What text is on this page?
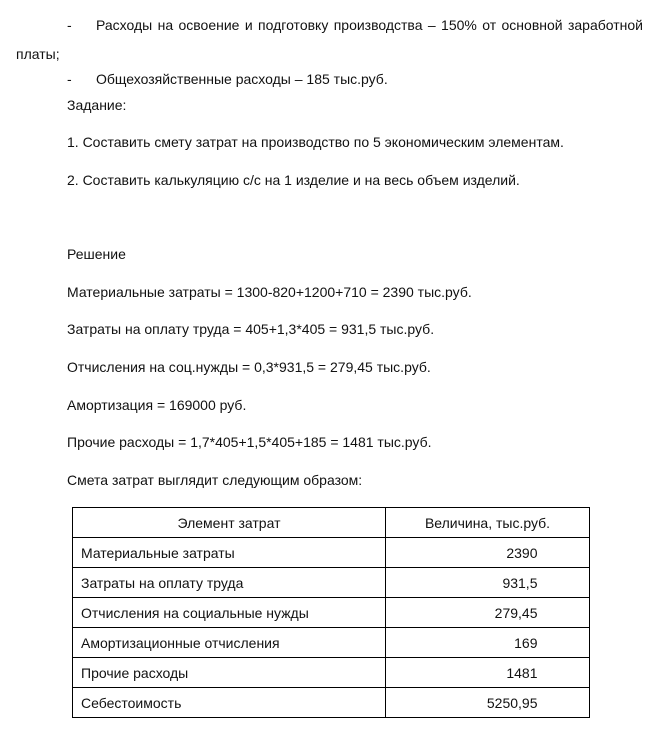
- Расходы на освоение и подготовку производства – 150% от основной заработной
платы;
- Общехозяйственные расходы – 185 тыс.руб.
Задание:
1. Составить смету затрат на производство по 5 экономическим элементам.
2. Составить калькуляцию с/с на 1 изделие и на весь объем изделий.
Решение
Материальные затраты = 1300-820+1200+710 = 2390 тыс.руб.
Затраты на оплату труда = 405+1,3*405 = 931,5 тыс.руб.
Отчисления на соц.нужды = 0,3*931,5 = 279,45 тыс.руб.
Амортизация = 169000 руб.
Прочие расходы = 1,7*405+1,5*405+185 = 1481 тыс.руб.
Смета затрат выглядит следующим образом:
Элемент затрат	Величина, тыс.руб.
Материальные затраты	2390
Затраты на оплату труда	931,5
Отчисления на социальные нужды	279,45
Амортизационные отчисления	169
Прочие расходы	1481
Себестоимость	5250,95
